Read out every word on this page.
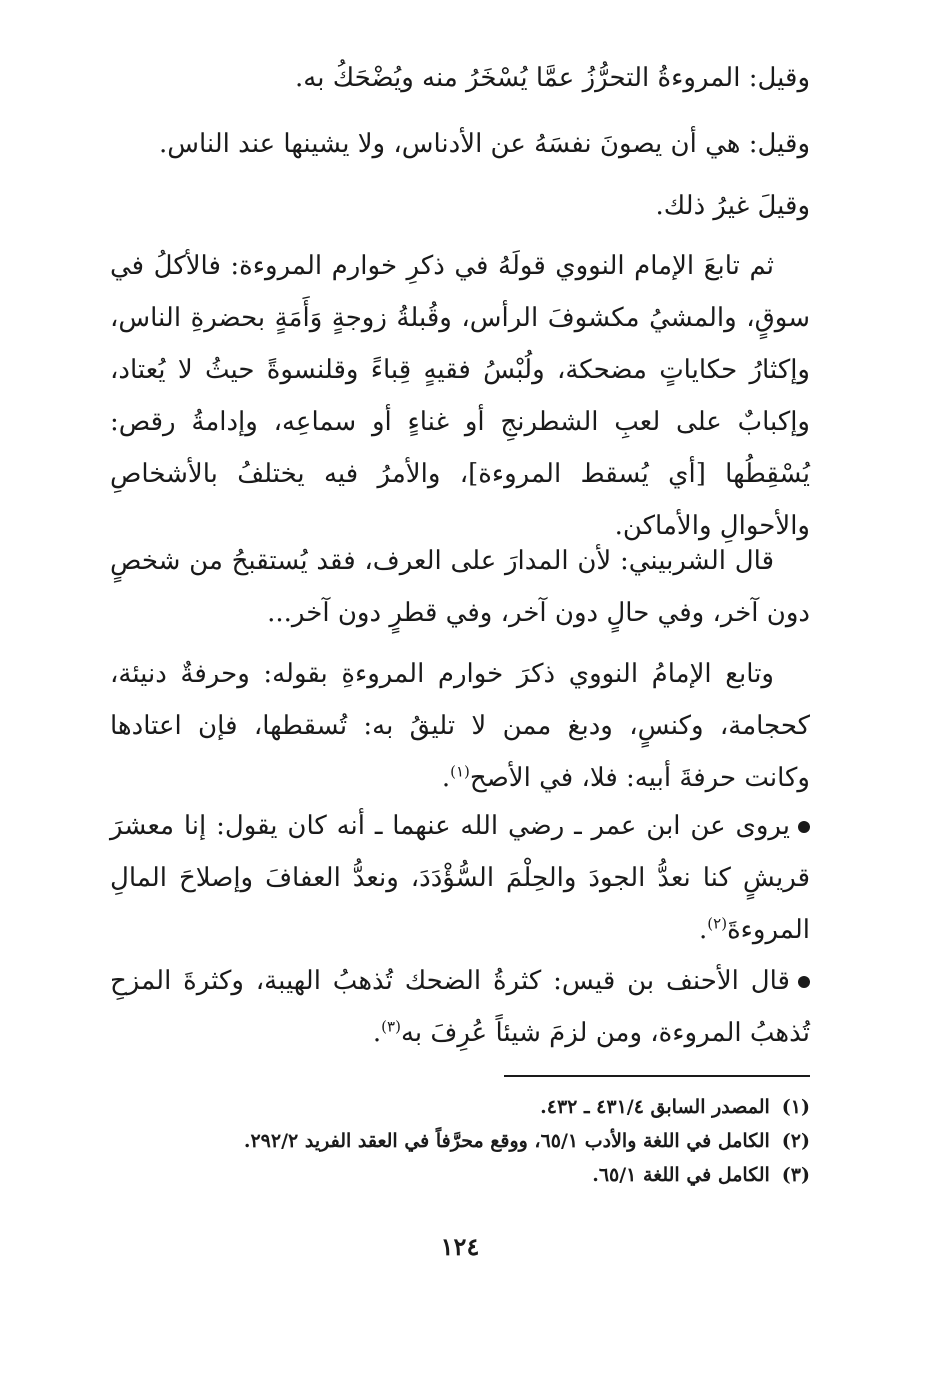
وقيل: المروءةُ التحرُّزُ عمَّا يُسْخَرُ منه ويُضْحَكُ به.

وقيل: هي أن يصونَ نفسَهُ عن الأدناس، ولا يشينها عند الناس.

وقيلَ غيرُ ذلك.

ثم تابعَ الإمام النووي قولَهُ في ذكرِ خوارم المروءة: فالأكلُ في سوقٍ، والمشيُ مكشوفَ الرأس، وقُبلةُ زوجةٍ وَأَمَةٍ بحضرةِ الناس، وإكثارُ حكاياتٍ مضحكة، ولُبْسُ فقيهٍ قِباءً وقلنسوةً حيثُ لا يُعتاد، وإكبابٌ على لعبِ الشطرنجِ أو غناءٍ أو سماعِه، وإدامةُ رقص: يُسْقِطُها [أي يُسقط المروءة]، والأمرُ فيه يختلفُ بالأشخاصِ والأحوالِ والأماكن.

قال الشربيني: لأن المدارَ على العرف، فقد يُستقبحُ من شخصٍ دون آخر، وفي حالٍ دون آخر، وفي قطرٍ دون آخر...

وتابع الإمامُ النووي ذكرَ خوارم المروءةِ بقوله: وحرفةٌ دنيئة، كحجامة، وكنسٍ، ودبغ ممن لا تليقُ به: تُسقطها، فإن اعتادها وكانت حرفةَ أبيه: فلا، في الأصح$^{(١)}$.

يروى عن ابن عمر ـ رضي الله عنهما ـ أنه كان يقول: إنا معشرَ قريشٍ كنا نعدُّ الجودَ والحِلْمَ السُّؤْدَدَ، ونعدُّ العفافَ وإصلاحَ المالِ المروءةَ$^{(٢)}$.

قال الأحنف بن قيس: كثرةُ الضحك تُذهبُ الهيبة، وكثرةَ المزحِ تُذهبُ المروءة، ومن لزمَ شيئاً عُرِفَ به$^{(٣)}$.

(١)المصدر السابق ٤٣١/٤ ـ ٤٣٢.
(٢)الكامل في اللغة والأدب ٦٥/١، ووقع محرَّفاً في العقد الفريد ٢٩٢/٢.
(٣)الكامل في اللغة ٦٥/١.
١٢٤
